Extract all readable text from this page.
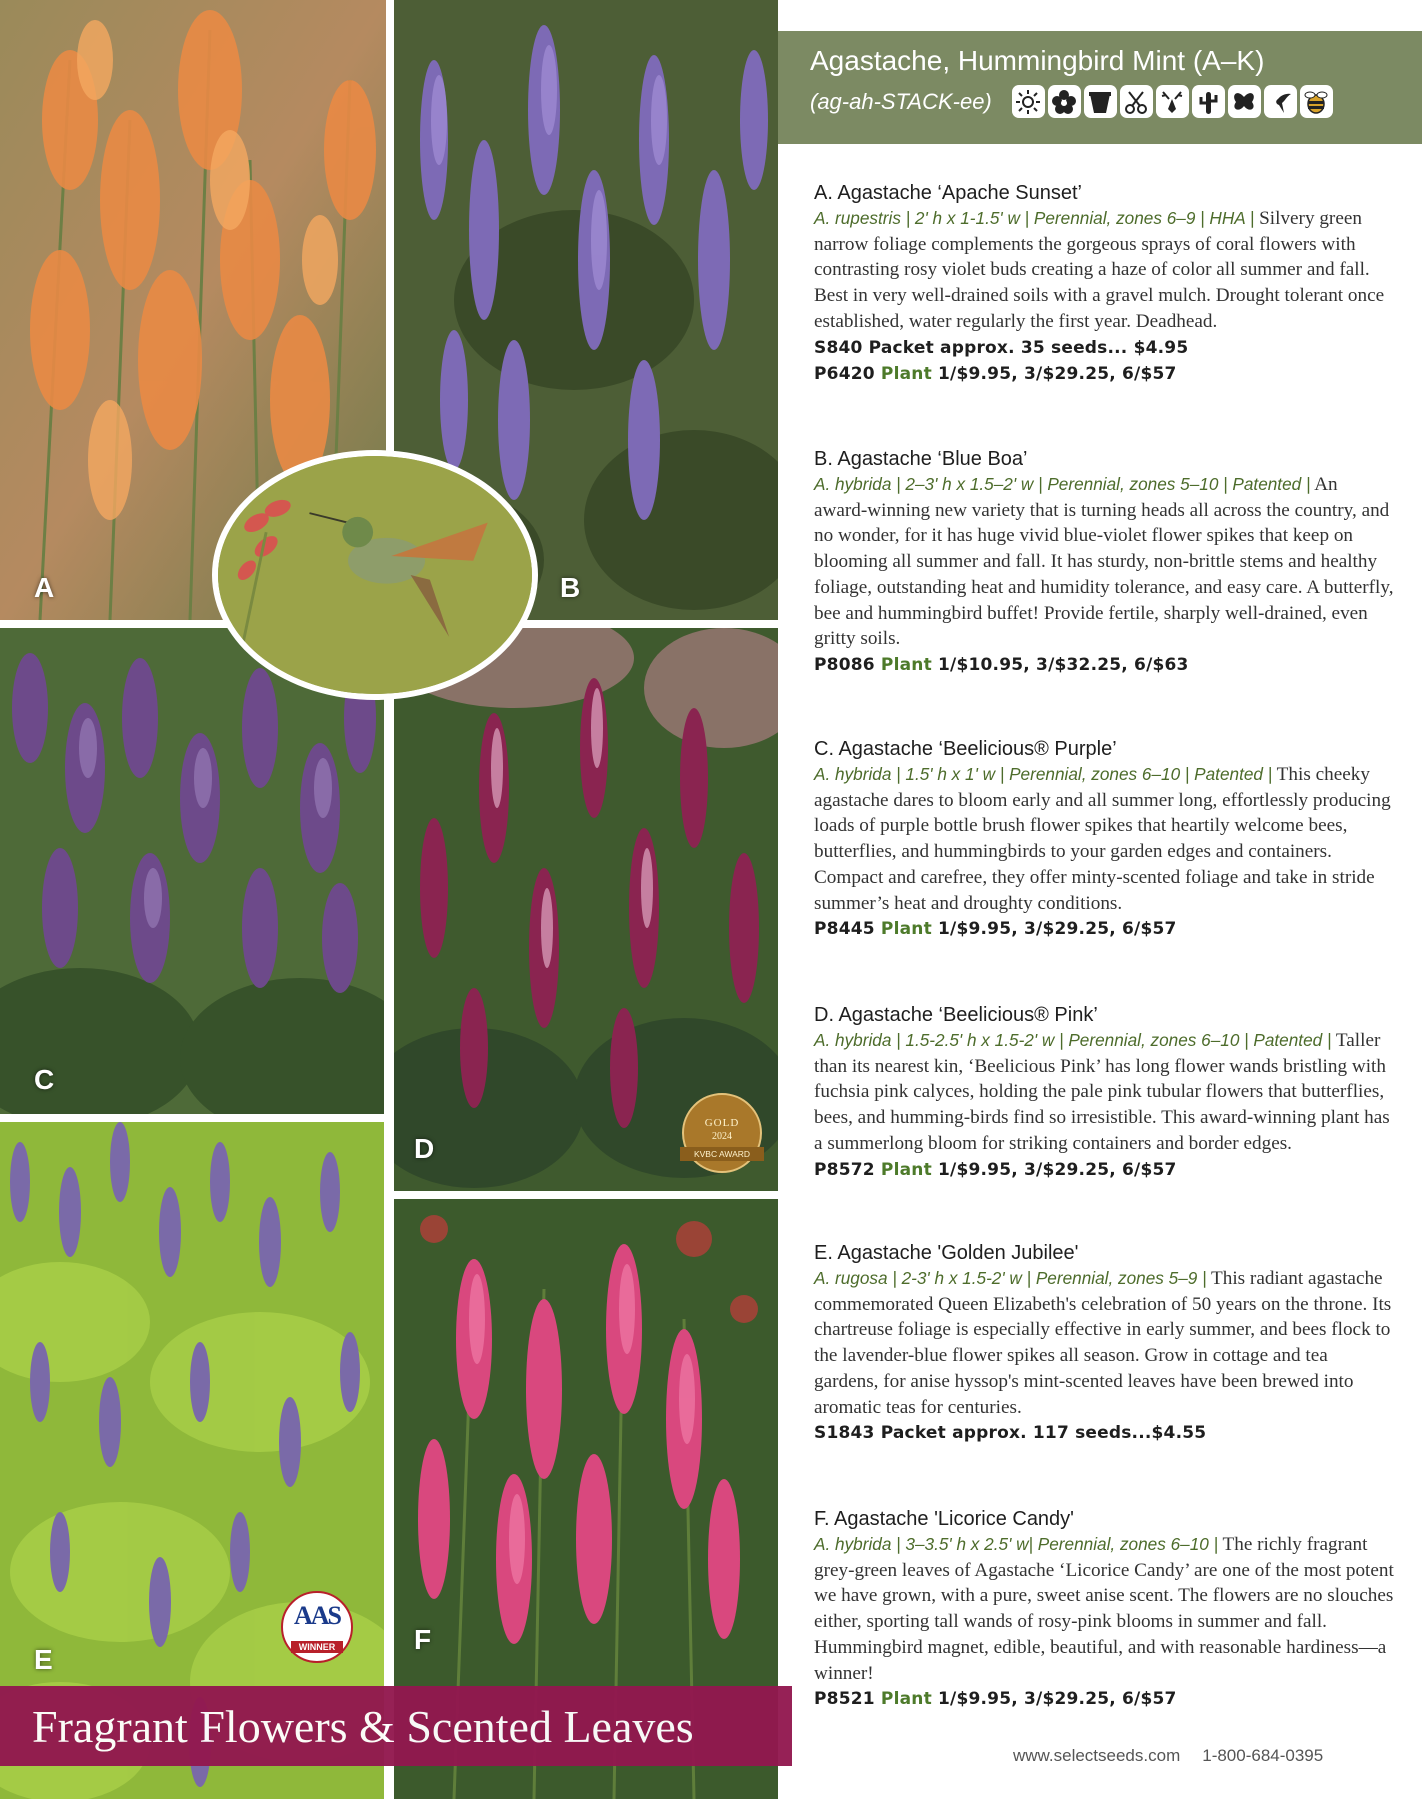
A	B
C
D
E
F
GOLD
2024
KVBC AWARD
AAS
WINNER
Fragrant Flowers & Scented Leaves
Agastache, Hummingbird Mint (A–K)
(ag-ah-STACK-ee)
A. Agastache ‘Apache Sunset’
A. rupestris | 2' h x 1-1.5' w | Perennial, zones 6–9 | HHA | Silvery green narrow foliage complements the gorgeous sprays of coral flowers with contrasting rosy violet buds creating a haze of color all summer and fall. Best in very well-drained soils with a gravel mulch. Drought tolerant once established, water regularly the first year. Deadhead.
S840 Packet approx. 35 seeds... $4.95
P6420 Plant 1/$9.95, 3/$29.25, 6/$57
B. Agastache ‘Blue Boa’
A. hybrida | 2–3' h x 1.5–2' w | Perennial, zones 5–10 | Patented | An award-winning new variety that is turning heads all across the country, and no wonder, for it has huge vivid blue-violet flower spikes that keep on blooming all summer and fall. It has sturdy, non-brittle stems and healthy foliage, outstanding heat and humidity tolerance, and easy care. A butterfly, bee and hummingbird buffet! Provide fertile, sharply well-drained, even gritty soils.
P8086 Plant 1/$10.95, 3/$32.25, 6/$63
C. Agastache ‘Beelicious® Purple’
A. hybrida | 1.5' h x 1' w | Perennial, zones 6–10 | Patented | This cheeky agastache dares to bloom early and all summer long, effortlessly producing loads of purple bottle brush flower spikes that heartily welcome bees, butterflies, and hummingbirds to your garden edges and containers. Compact and carefree, they offer minty-scented foliage and take in stride summer’s heat and droughty conditions.
P8445 Plant 1/$9.95, 3/$29.25, 6/$57
D. Agastache ‘Beelicious® Pink’
A. hybrida | 1.5-2.5' h x 1.5-2' w | Perennial, zones 6–10 | Patented | Taller than its nearest kin, ‘Beelicious Pink’ has long flower wands bristling with fuchsia pink calyces, holding the pale pink tubular flowers that butterflies, bees, and humming-birds find so irresistible. This award-winning plant has a summerlong bloom for striking containers and border edges.
P8572 Plant 1/$9.95, 3/$29.25, 6/$57
E. Agastache 'Golden Jubilee'
A. rugosa | 2-3' h x 1.5-2' w | Perennial, zones 5–9 | This radiant agastache commemorated Queen Elizabeth's celebration of 50 years on the throne. Its chartreuse foliage is especially effective in early summer, and bees flock to the lavender-blue flower spikes all season. Grow in cottage and tea gardens, for anise hyssop's mint-scented leaves have been brewed into aromatic teas for centuries.
S1843 Packet approx. 117 seeds...$4.55
F. Agastache 'Licorice Candy'
A. hybrida | 3–3.5' h x 2.5' w| Perennial, zones 6–10 | The richly fragrant grey-green leaves of Agastache ‘Licorice Candy’ are one of the most potent we have grown, with a pure, sweet anise scent. The flowers are no slouches either, sporting tall wands of rosy-pink blooms in summer and fall. Hummingbird magnet, edible, beautiful, and with reasonable hardiness—a winner!
P8521 Plant 1/$9.95, 3/$29.25, 6/$57
www.selectseeds.com 1-800-684-0395
